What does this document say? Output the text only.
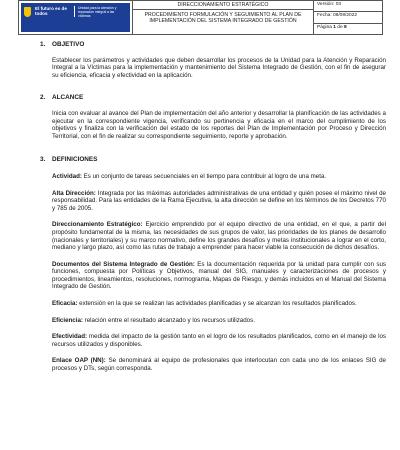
El futuro es de todos
Unidad para la atención y reparación integral a las víctimas
DIRECCIONAMIENTO ESTRATÉGICO
PROCEDIMIENTO FORMULACIÓN Y SEGUIMIENTO AL PLAN DE IMPLEMENTACIÓN DEL SISTEMA INTEGRADO DE GESTIÓN
Versión: 03
Fecha: 08/09/2022
Página 1 de 8
1. OBJETIVO

Establecer los parámetros y actividades que deben desarrollar los procesos de la Unidad para la Atención y Reparación Integral a la Víctimas para la implementación y mantenimiento del Sistema Integrado de Gestión, con el fin de asegurar su eficiencia, eficacia y efectividad en la aplicación.

2. ALCANCE

Inicia con evaluar al avance del Plan de implementación del año anterior y desarrollar la planificación de las actividades a ejecutar en la correspondiente vigencia, verificando su pertinencia y eficacia en el marco del cumplimiento de los objetivos y finaliza con la verificación del estado de los reportes del Plan de Implementación por Proceso y Dirección Territorial, con el fin de realizar su correspondiente seguimiento, reporte y aprobación.

3. DEFINICIONES

Actividad: Es un conjunto de tareas secuenciales en el tiempo para contribuir al logro de una meta.

Alta Dirección: Integrada por las máximas autoridades administrativas de una entidad y quién posee el máximo nivel de responsabilidad. Para las entidades de la Rama Ejecutiva, la alta dirección se define en los términos de los Decretos 770 y 785 de 2005.

Direccionamiento Estratégico: Ejercicio emprendido por el equipo directivo de una entidad, en el que, a partir del propósito fundamental de la misma, las necesidades de sus grupos de valor, las prioridades de los planes de desarrollo (nacionales y territoriales) y su marco normativo, define los grandes desafíos y metas institucionales a lograr en el corto, mediano y largo plazo, así como las rutas de trabajo a emprender para hacer viable la consecución de dichos desafíos.

Documentos del Sistema Integrado de Gestión: Es la documentación requerida por la unidad para cumplir con sus funciones, compuesta por Políticas y Objetivos, manual del SIG, manuales y caracterizaciones de procesos y procedimientos, lineamientos, resoluciones, normograma, Mapas de Riesgo, y demás incluidos en el Manual del Sistema Integrado de Gestión.

Eficacia: extensión en la que se realizan las actividades planificadas y se alcanzan los resultados planificados.

Eficiencia: relación entre el resultado alcanzado y los recursos utilizados.

Efectividad: medida del impacto de la gestión tanto en el logro de los resultados planificados, como en el manejo de los recursos utilizados y disponibles.

Enlace OAP (NN): Se denominará al equipo de profesionales que interlocutan con cada uno de los enlaces SIG de procesos y DTs, según corresponda.
